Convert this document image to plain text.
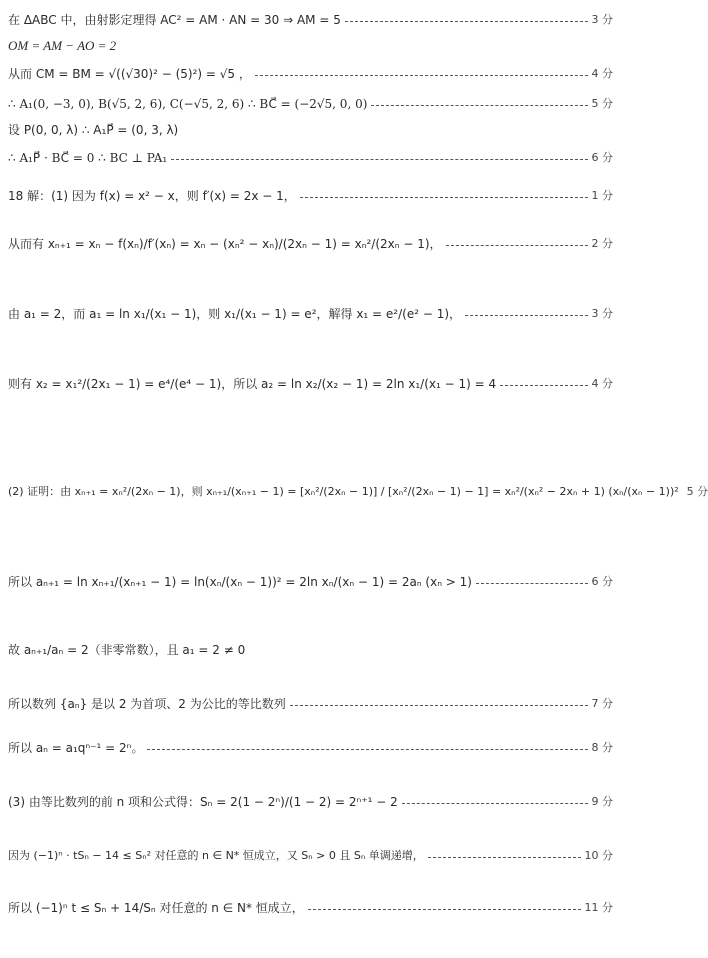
在 ΔABC 中，由射影定理得 AC² = AM · AN = 30 ⇒ AM = 5	3 分
OM = AM − AO = 2
从而 CM = BM = √((√30)² − (5)²) = √5 ，	4 分
∴ A₁(0, −3, 0), B(√5, 2, 6), C(−√5, 2, 6) ∴ BC⃗ = (−2√5, 0, 0)	5 分
设 P(0, 0, λ) ∴ A₁P⃗ = (0, 3, λ)
∴ A₁P⃗ · BC⃗ = 0 ∴ BC ⊥ PA₁	6 分
18 解：(1) 因为 f(x) = x² − x，则 f′(x) = 2x − 1，	1 分
从而有 xₙ₊₁ = xₙ − f(xₙ)/f′(xₙ) = xₙ − (xₙ² − xₙ)/(2xₙ − 1) = xₙ²/(2xₙ − 1)，	2 分
由 a₁ = 2，而 a₁ = ln x₁/(x₁ − 1)，则 x₁/(x₁ − 1) = e²，解得 x₁ = e²/(e² − 1)，	3 分
则有 x₂ = x₁²/(2x₁ − 1) = e⁴/(e⁴ − 1)，所以 a₂ = ln x₂/(x₂ − 1) = 2ln x₁/(x₁ − 1) = 4	4 分
(2) 证明：由 xₙ₊₁ = xₙ²/(2xₙ − 1)，则 xₙ₊₁/(xₙ₊₁ − 1) = [xₙ²/(2xₙ − 1)] / [xₙ²/(2xₙ − 1) − 1] = xₙ²/(xₙ² − 2xₙ + 1) (xₙ/(xₙ − 1))² 5 分
所以 aₙ₊₁ = ln xₙ₊₁/(xₙ₊₁ − 1) = ln(xₙ/(xₙ − 1))² = 2ln xₙ/(xₙ − 1) = 2aₙ (xₙ > 1)	6 分
故 aₙ₊₁/aₙ = 2（非零常数），且 a₁ = 2 ≠ 0
所以数列 {aₙ} 是以 2 为首项、2 为公比的等比数列	7 分
所以 aₙ = a₁qⁿ⁻¹ = 2ⁿ。	8 分
(3) 由等比数列的前 n 项和公式得：Sₙ = 2(1 − 2ⁿ)/(1 − 2) = 2ⁿ⁺¹ − 2	9 分
因为 (−1)ⁿ · tSₙ − 14 ≤ Sₙ² 对任意的 n ∈ N* 恒成立，又 Sₙ > 0 且 Sₙ 单调递增，	10 分
所以 (−1)ⁿ t ≤ Sₙ + 14/Sₙ 对任意的 n ∈ N* 恒成立，	11 分
